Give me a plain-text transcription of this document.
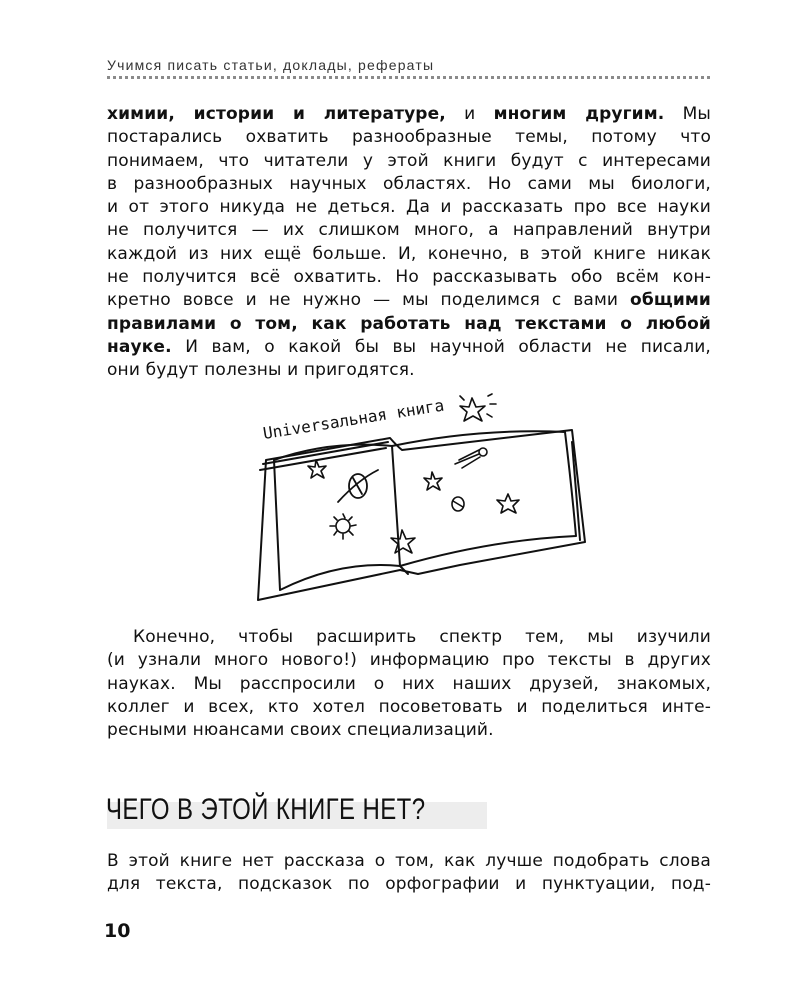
Учимся писать статьи, доклады, рефераты
химии, истории и литературе, и многим другим. Мы
постарались охватить разнообразные темы, потому что
понимаем, что читатели у этой книги будут с интересами
в разнообразных научных областях. Но сами мы биологи,
и от этого никуда не деться. Да и рассказать про все науки
не получится — их слишком много, а направлений внутри
каждой из них ещё больше. И, конечно, в этой книге никак
не получится всё охватить. Но рассказывать обо всём кон-
кретно вовсе и не нужно — мы поделимся с вами общими
правилами о том, как работать над текстами о любой
науке. И вам, о какой бы вы научной области не писали,
они будут полезны и пригодятся.
Universальная книга
Конечно, чтобы расширить спектр тем, мы изучили
(и узнали много нового!) информацию про тексты в других
науках. Мы расспросили о них наших друзей, знакомых,
коллег и всех, кто хотел посоветовать и поделиться инте-
ресными нюансами своих специализаций.
ЧЕГО В ЭТОЙ КНИГЕ НЕТ?
В этой книге нет рассказа о том, как лучше подобрать слова
для текста, подсказок по орфографии и пунктуации, под-
10
